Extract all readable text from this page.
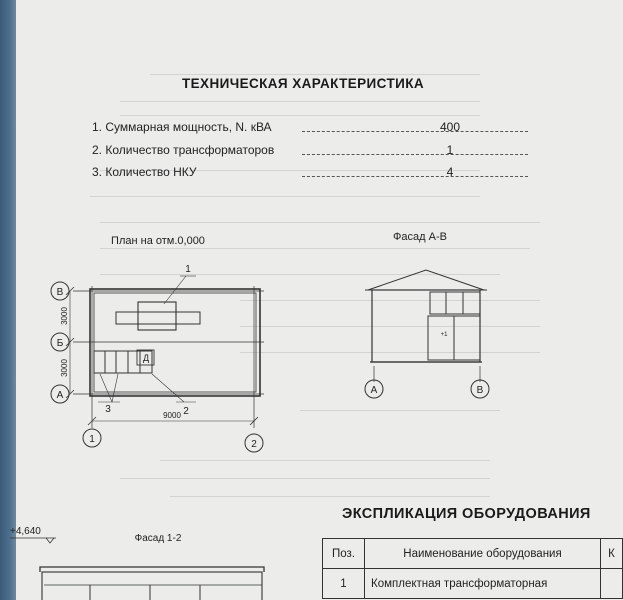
ТЕХНИЧЕСКАЯ ХАРАКТЕРИСТИКА
1. Суммарная мощность, N. кВА	400
2. Количество трансформаторов	1
3. Количество НКУ	4
План на отм.0,000
В
Б
А
1	2
3000
3000
9000
1
2
3
Д
Фасад А-В
А	В
+1
Фасад 1-2
+4,640
ЭКСПЛИКАЦИЯ ОБОРУДОВАНИЯ
Поз.	Наименование оборудования	К
1	Комплектная трансформаторная	
